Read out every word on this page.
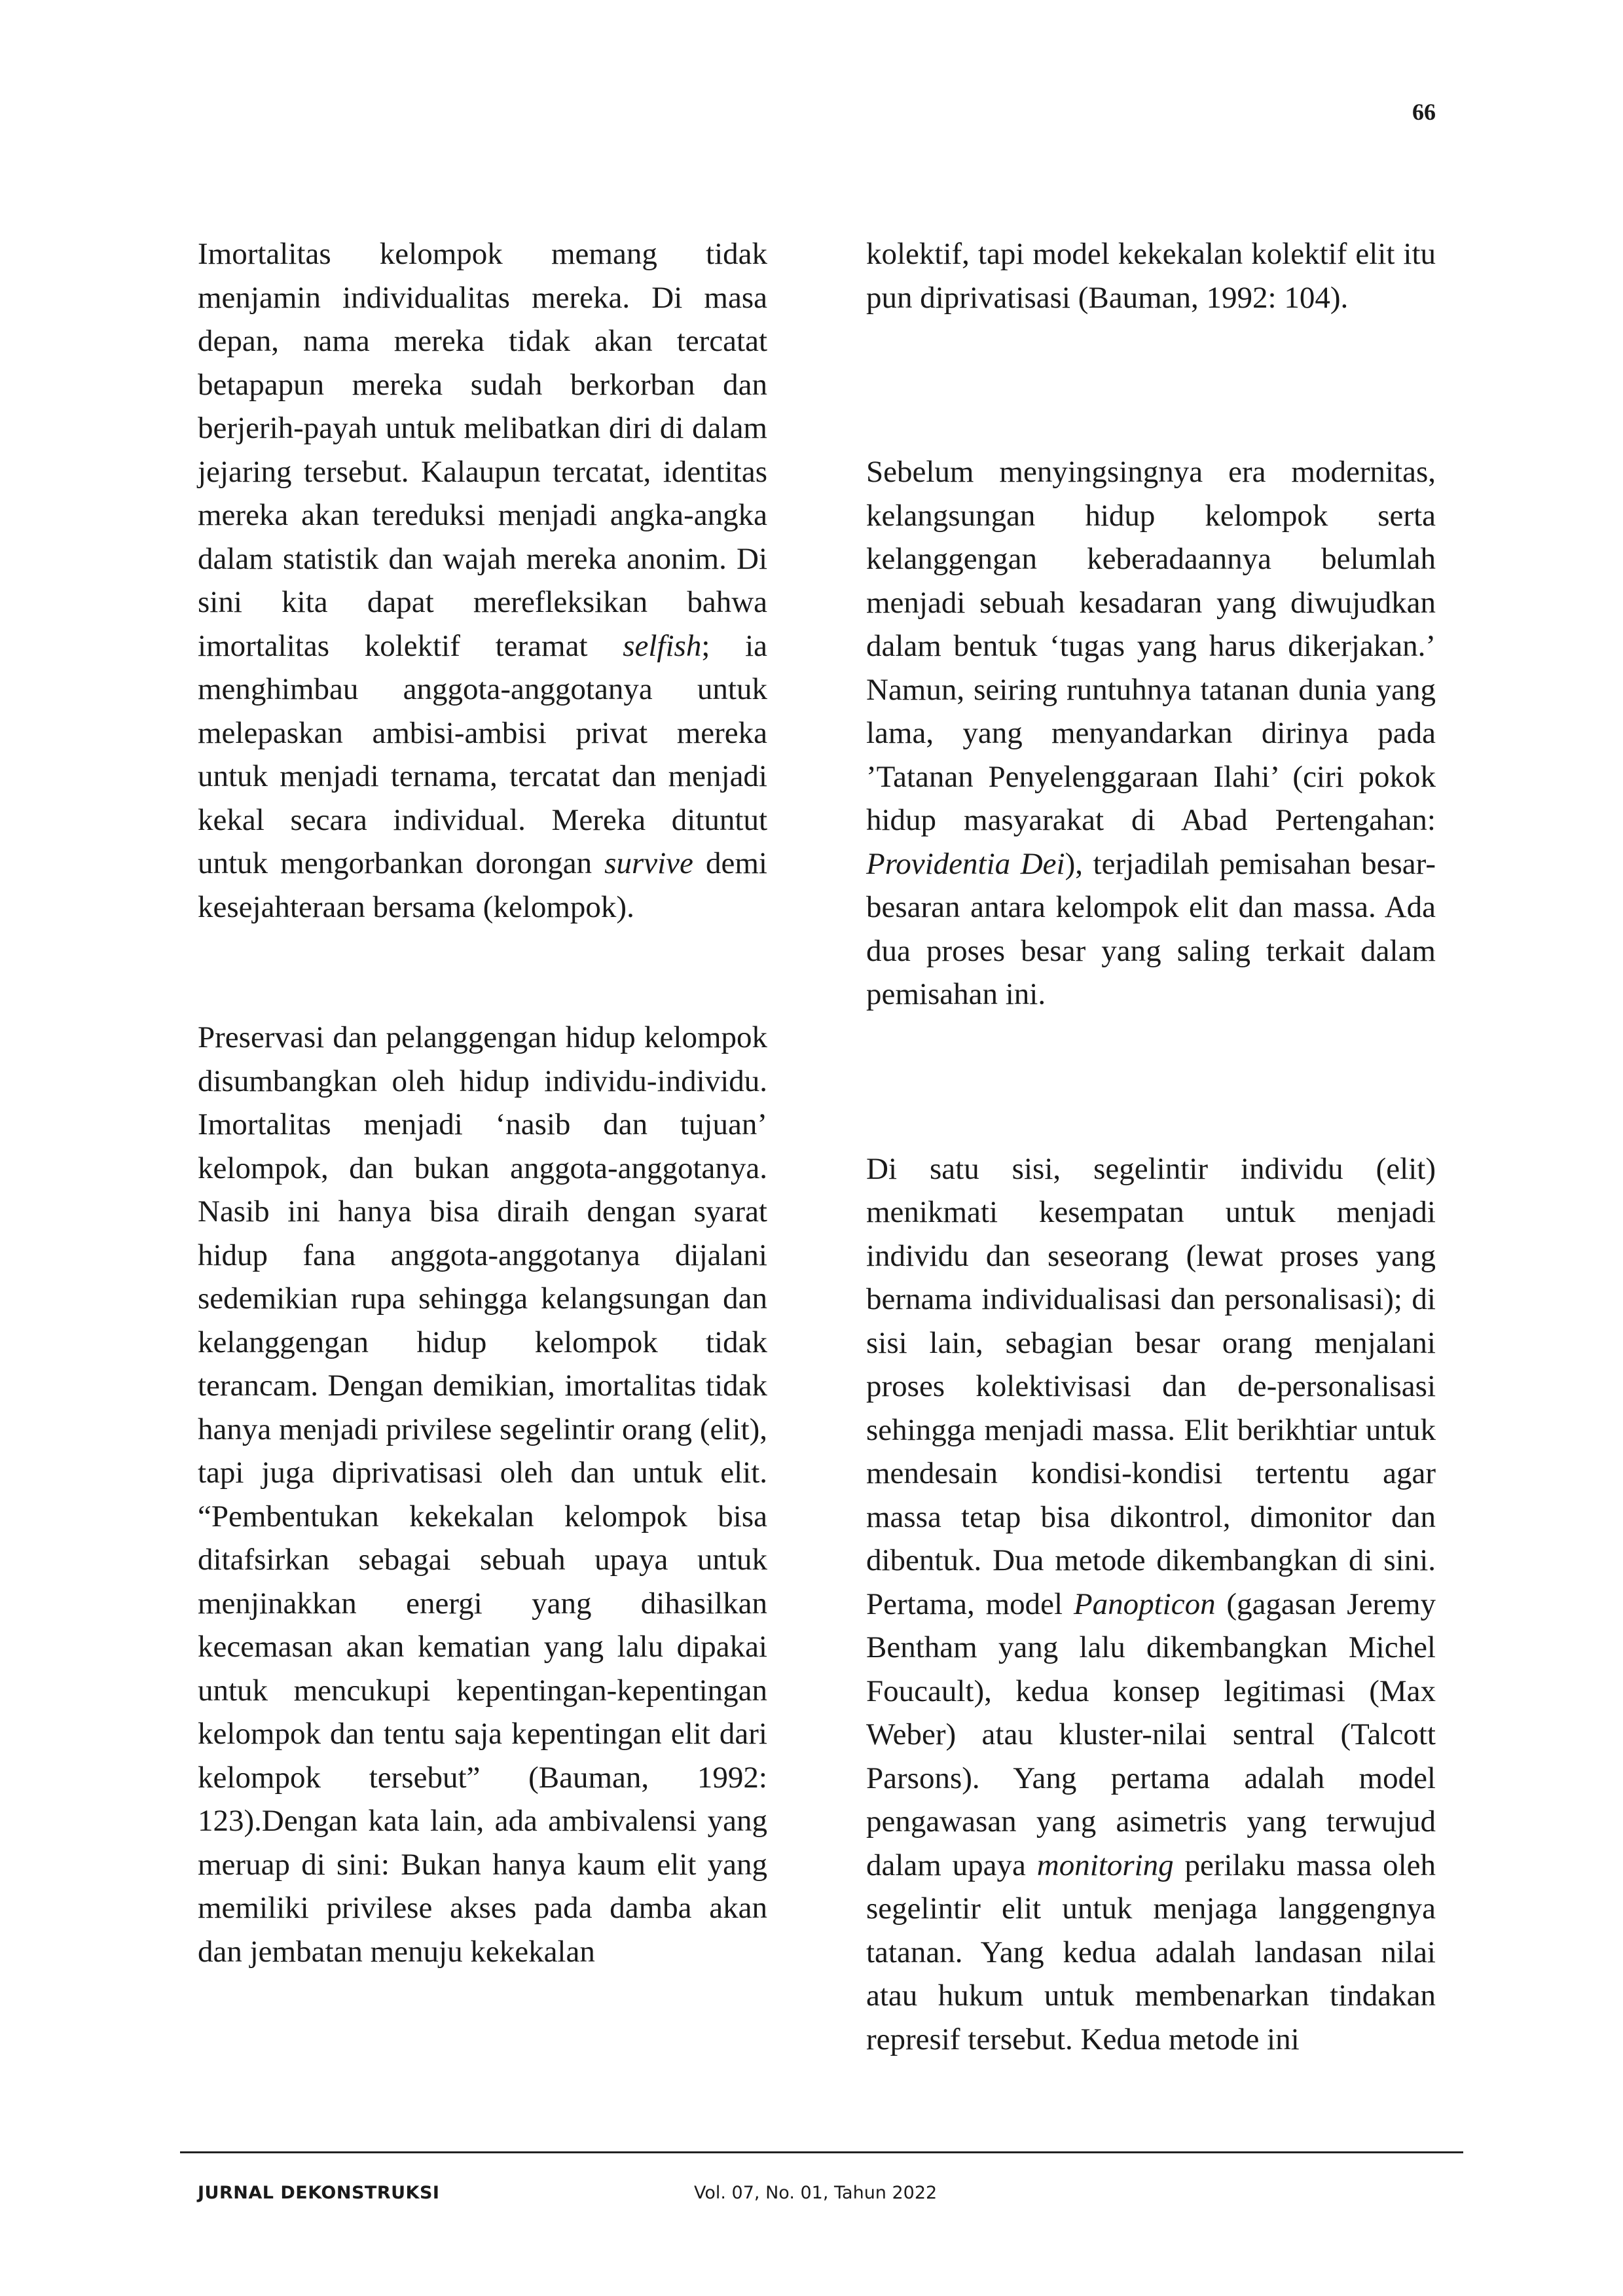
66

Imortalitas kelompok memang tidak menjamin individualitas mereka. Di masa depan, nama mereka tidak akan tercatat betapapun mereka sudah berkorban dan berjerih-payah untuk melibatkan diri di dalam jejaring tersebut. Kalaupun tercatat, identitas mereka akan tereduksi menjadi angka-angka dalam statistik dan wajah mereka anonim. Di sini kita dapat merefleksikan bahwa imortalitas kolektif teramat selfish; ia menghimbau anggota-anggotanya untuk melepaskan ambisi-ambisi privat mereka untuk menjadi ternama, tercatat dan menjadi kekal secara individual. Mereka dituntut untuk mengorbankan dorongan survive demi kesejahteraan bersama (kelompok).

Preservasi dan pelanggengan hidup kelompok disumbangkan oleh hidup individu-individu. Imortalitas menjadi ‘nasib dan tujuan’ kelompok, dan bukan anggota-anggotanya. Nasib ini hanya bisa diraih dengan syarat hidup fana anggota-anggotanya dijalani sedemikian rupa sehingga kelangsungan dan kelanggengan hidup kelompok tidak terancam. Dengan demikian, imortalitas tidak hanya menjadi privilese segelintir orang (elit), tapi juga diprivatisasi oleh dan untuk elit. “Pembentukan kekekalan kelompok bisa ditafsirkan sebagai sebuah upaya untuk menjinakkan energi yang dihasilkan kecemasan akan kematian yang lalu dipakai untuk mencukupi kepentingan-kepentingan kelompok dan tentu saja kepentingan elit dari kelompok tersebut” (Bauman, 1992: 123).Dengan kata lain, ada ambivalensi yang meruap di sini: Bukan hanya kaum elit yang memiliki privilese akses pada damba akan dan jembatan menuju kekekalan

kolektif, tapi model kekekalan kolektif elit itu pun diprivatisasi (Bauman, 1992: 104).

Sebelum menyingsingnya era modernitas, kelangsungan hidup kelompok serta kelanggengan keberadaannya belumlah menjadi sebuah kesadaran yang diwujudkan dalam bentuk ‘tugas yang harus dikerjakan.’ Namun, seiring runtuhnya tatanan dunia yang lama, yang menyandarkan dirinya pada ’Tatanan Penyelenggaraan Ilahi’ (ciri pokok hidup masyarakat di Abad Pertengahan: Providentia Dei), terjadilah pemisahan besar-besaran antara kelompok elit dan massa. Ada dua proses besar yang saling terkait dalam pemisahan ini.

Di satu sisi, segelintir individu (elit) menikmati kesempatan untuk menjadi individu dan seseorang (lewat proses yang bernama individualisasi dan personalisasi); di sisi lain, sebagian besar orang menjalani proses kolektivisasi dan de-personalisasi sehingga menjadi massa. Elit berikhtiar untuk mendesain kondisi-kondisi tertentu agar massa tetap bisa dikontrol, dimonitor dan dibentuk. Dua metode dikembangkan di sini. Pertama, model Panopticon (gagasan Jeremy Bentham yang lalu dikembangkan Michel Foucault), kedua konsep legitimasi (Max Weber) atau kluster-nilai sentral (Talcott Parsons). Yang pertama adalah model pengawasan yang asimetris yang terwujud dalam upaya monitoring perilaku massa oleh segelintir elit untuk menjaga langgengnya tatanan. Yang kedua adalah landasan nilai atau hukum untuk membenarkan tindakan represif tersebut. Kedua metode ini

JURNAL DEKONSTRUKSI	Vol. 07, No. 01, Tahun 2022
